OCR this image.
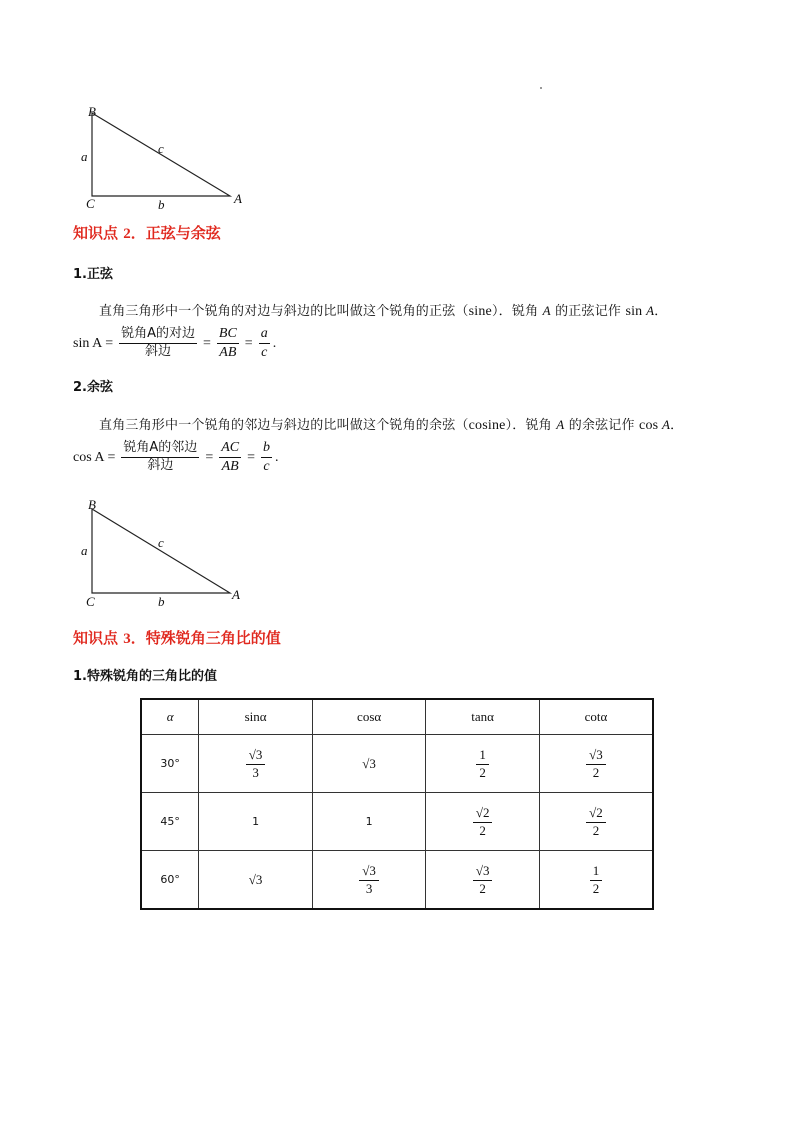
B
a
c
C	b	A
知识点 2．正弦与余弦
1.正弦
直角三角形中一个锐角的对边与斜边的比叫做这个锐角的正弦（sine）．锐角 A 的正弦记作 sin A．
$\sin A = \frac{\text{锐角A的对边}}{\text{斜边}} = \frac{BC}{AB} = \frac{a}{c}$ .
2.余弦
直角三角形中一个锐角的邻边与斜边的比叫做这个锐角的余弦（cosine）．锐角 A 的余弦记作 cos A．
$\cos A = \frac{\text{锐角A的邻边}}{\text{斜边}} = \frac{AC}{AB} = \frac{b}{c}$ .
B
a
c
C	b	A
知识点 3．特殊锐角三角比的值
1.特殊锐角的三角比的值
α	sinα	cosα	tanα	cotα
30°	$\frac{√3}{3}$	√3	$\frac{1}{2}$	$\frac{√3}{2}$

45°	1	1	$\frac{√2}{2}$	$\frac{√2}{2}$

60°	√3	$\frac{√3}{3}$	$\frac{√3}{2}$	$\frac{1}{2}$
